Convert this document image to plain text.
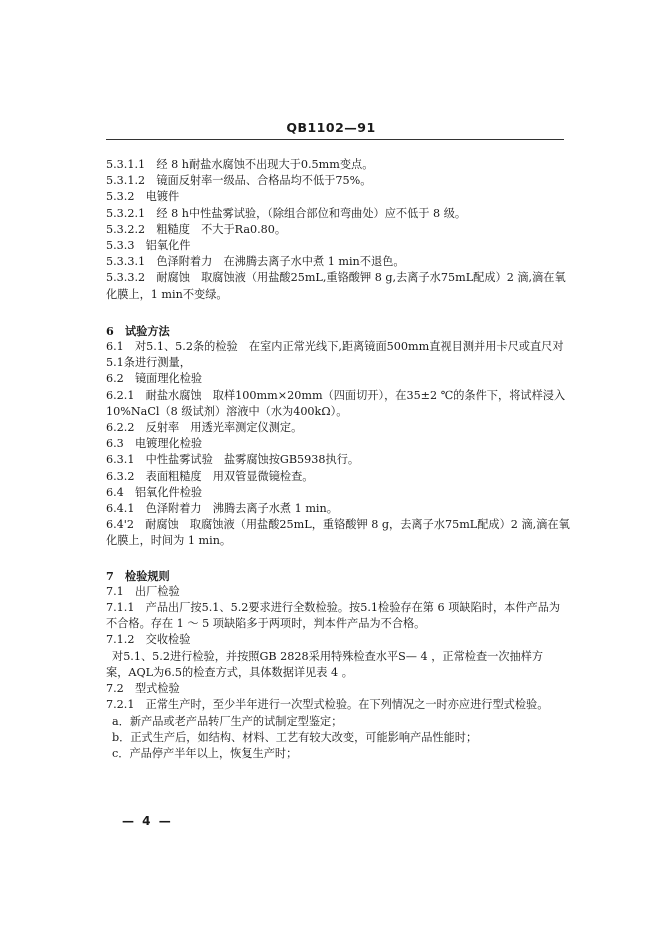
QB1102—91
5.3.1.1　经 8 h耐盐水腐蚀不出现大于0.5mm变点。
5.3.1.2　镜面反射率一级品、合格品均不低于75%。
5.3.2　电镀件
5.3.2.1　经 8 h中性盐雾试验，（除组合部位和弯曲处）应不低于 8 级。
5.3.2.2　粗糙度　不大于Ra0.80。
5.3.3　铝氧化件
5.3.3.1　色泽附着力　在沸腾去离子水中煮 1 min不退色。
5.3.3.2　耐腐蚀　取腐蚀液（用盐酸25mL,重铬酸钾 8 g,去离子水75mL配成）2 滴,滴在氧
化膜上，1 min不变绿。
6　试验方法
6.1　对5.1、5.2条的检验　在室内正常光线下,距离镜面500mm直视目测并用卡尺或直尺对
5.1条进行测量，
6.2　镜面理化检验
6.2.1　耐盐水腐蚀　取样100mm×20mm（四面切开），在35±2 ℃的条件下，将试样浸入
10%NaCl（8 级试剂）溶液中（水为400kΩ）。
6.2.2　反射率　用透光率测定仪测定。
6.3　电镀理化检验
6.3.1　中性盐雾试验　盐雾腐蚀按GB5938执行。
6.3.2　表面粗糙度　用双管显微镜检查。
6.4　铝氧化件检验
6.4.1　色泽附着力　沸腾去离子水煮 1 min。
6.4'2　耐腐蚀　取腐蚀液（用盐酸25mL，重铬酸钾 8 g，去离子水75mL配成）2 滴,滴在氧
化膜上，时间为 1 min。
7　检验规则
7.1　出厂检验
7.1.1　产品出厂按5.1、5.2要求进行全数检验。按5.1检验存在第 6 项缺陷时，本件产品为
不合格。存在 1 ～ 5 项缺陷多于两项时，判本件产品为不合格。
7.1.2　交收检验
对5.1、5.2进行检验，并按照GB 2828采用特殊检查水平S— 4 ，正常检查一次抽样方
案，AQL为6.5的检查方式，具体数据详见表 4 。
7.2　型式检验
7.2.1　正常生产时，至少半年进行一次型式检验。在下列情况之一时亦应进行型式检验。
a．新产品或老产品转厂生产的试制定型鉴定；
b．正式生产后，如结构、材料、工艺有较大改变，可能影响产品性能时；
c．产品停产半年以上，恢复生产时；
— 4 —
